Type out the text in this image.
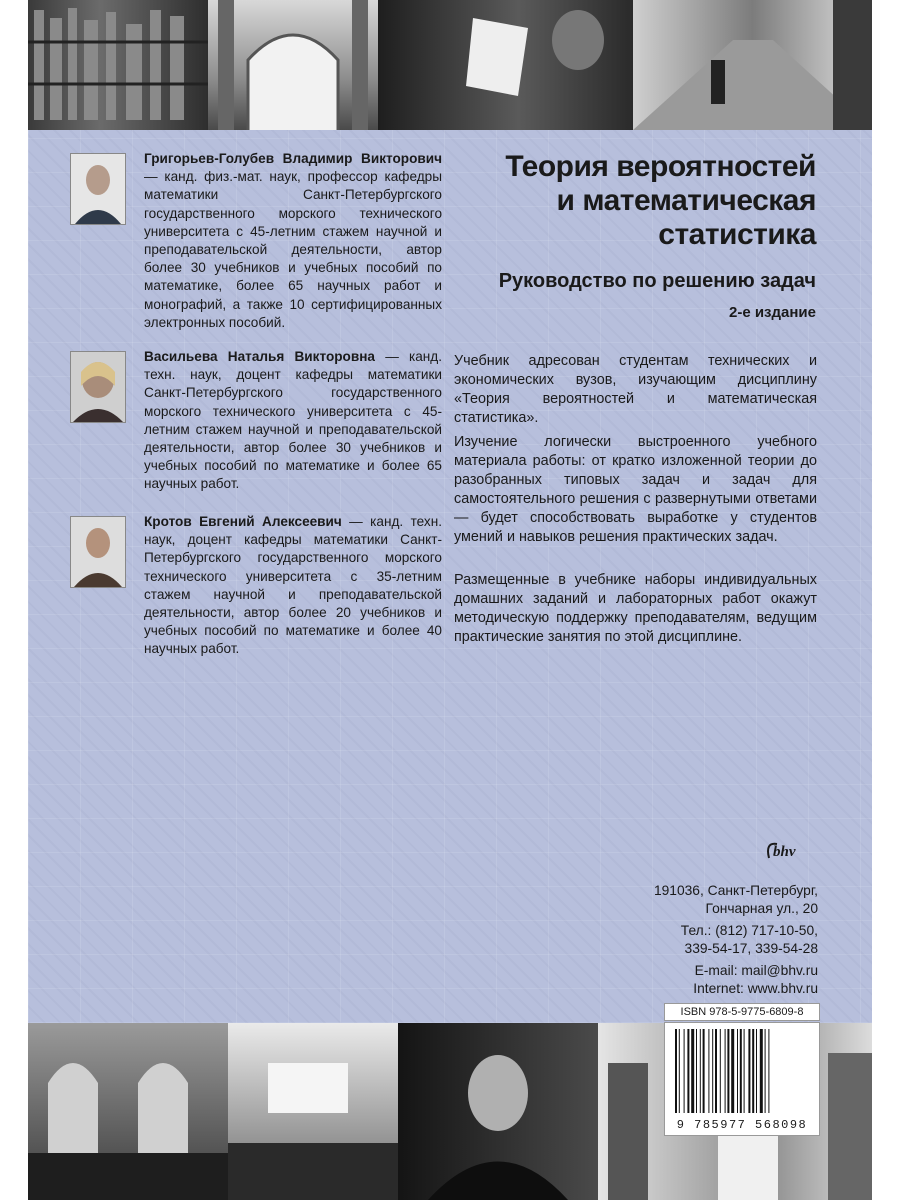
Григорьев-Голубев Владимир Викторович — канд. физ.-мат. наук, профессор кафедры математики Санкт-Петербургского государственного морского технического университета с 45-летним стажем научной и преподавательской деятельности, автор более 30 учебников и учебных пособий по математике, более 65 научных работ и монографий, а также 10 сертифицированных электронных пособий.
Васильева Наталья Викторовна — канд. техн. наук, доцент кафедры математики Санкт-Петербургского государственного морского технического университета с 45-летним стажем научной и преподавательской деятельности, автор более 30 учебников и учебных пособий по математике и более 65 научных работ.
Кротов Евгений Алексеевич — канд. техн. наук, доцент кафедры математики Санкт-Петербургского государственного морского технического университета с 35-летним стажем научной и преподавательской деятельности, автор более 20 учебников и учебных пособий по математике и более 40 научных работ.
Теория вероятностей
и математическая
статистика
Руководство по решению задач
2-е издание
Учебник адресован студентам технических и экономических вузов, изучающим дисциплину «Теория вероятностей и математическая статистика».
Изучение логически выстроенного учебного материала работы: от кратко изложенной теории до разобранных типовых задач и задач для самостоятельного решения с развернутыми ответами — будет способствовать выработке у студентов умений и навыков решения практических задач.
Размещенные в учебнике наборы индивидуальных домашних заданий и лабораторных работ окажут методическую поддержку преподавателям, ведущим практические занятия по этой дисциплине.
bhv
191036, Санкт-Петербург,
Гончарная ул., 20
Тел.: (812) 717-10-50,
339-54-17, 339-54-28
E-mail: mail@bhv.ru
Internet: www.bhv.ru
ISBN 978-5-9775-6809-8
9 785977 568098
